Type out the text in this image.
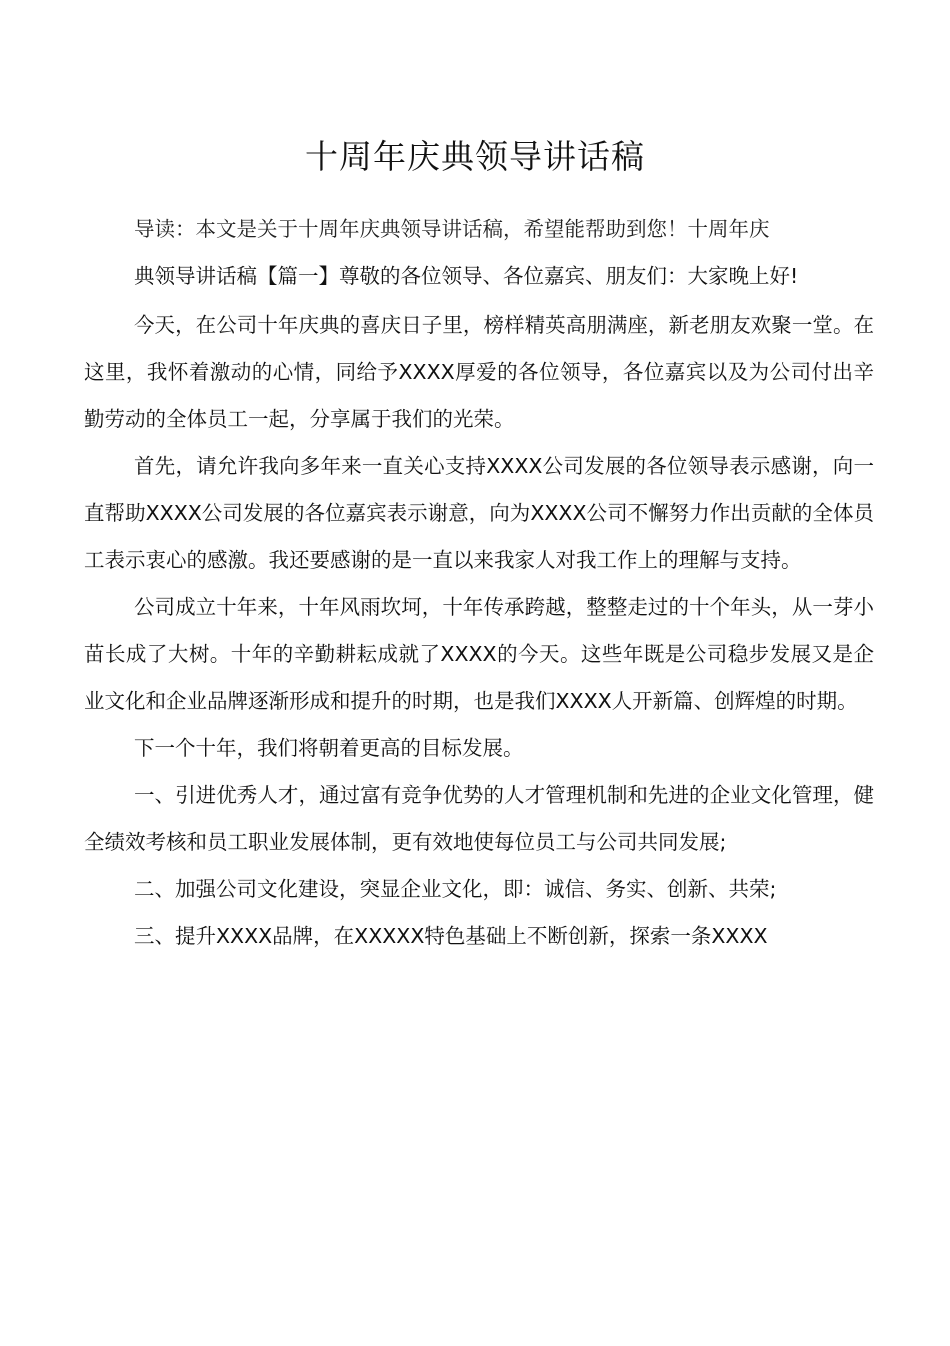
十周年庆典领导讲话稿
导读：本文是关于十周年庆典领导讲话稿，希望能帮助到您！十周年庆
典领导讲话稿【篇一】尊敬的各位领导、各位嘉宾、朋友们：大家晚上好!

今天，在公司十年庆典的喜庆日子里，榜样精英高朋满座，新老朋友欢聚一堂。在这里，我怀着激动的心情，同给予XXXX厚爱的各位领导，各位嘉宾以及为公司付出辛勤劳动的全体员工一起，分享属于我们的光荣。

首先，请允许我向多年来一直关心支持XXXX公司发展的各位领导表示感谢，向一直帮助XXXX公司发展的各位嘉宾表示谢意，向为XXXX公司不懈努力作出贡献的全体员工表示衷心的感激。我还要感谢的是一直以来我家人对我工作上的理解与支持。

公司成立十年来，十年风雨坎坷，十年传承跨越，整整走过的十个年头，从一芽小苗长成了大树。十年的辛勤耕耘成就了XXXX的今天。这些年既是公司稳步发展又是企业文化和企业品牌逐渐形成和提升的时期，也是我们XXXX人开新篇、创辉煌的时期。

下一个十年，我们将朝着更高的目标发展。

一、引进优秀人才，通过富有竞争优势的人才管理机制和先进的企业文化管理，健全绩效考核和员工职业发展体制，更有效地使每位员工与公司共同发展;

二、加强公司文化建设，突显企业文化，即：诚信、务实、创新、共荣;

三、提升XXXX品牌，在XXXXX特色基础上不断创新，探索一条XXXX
